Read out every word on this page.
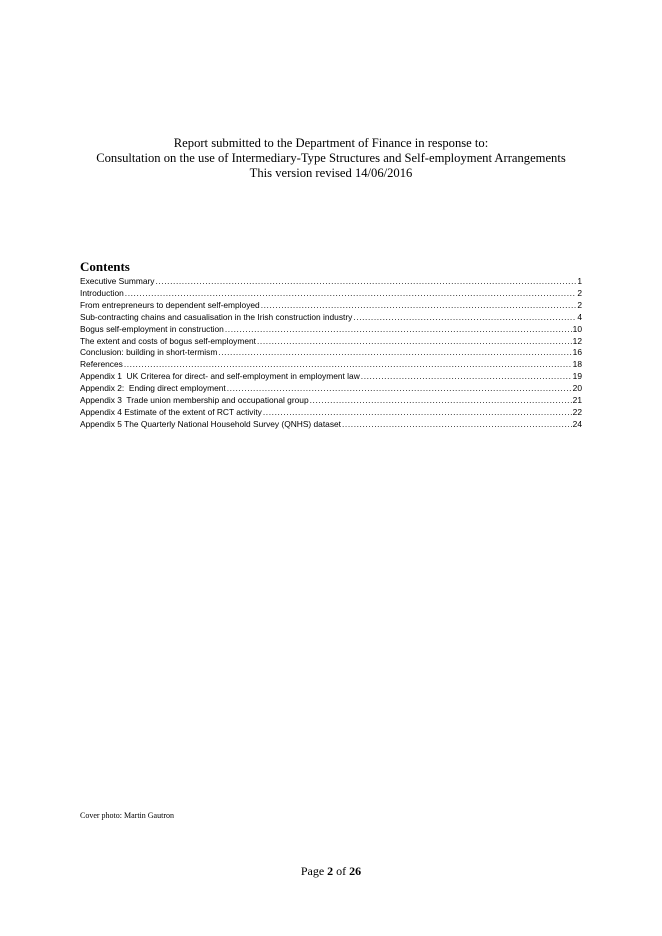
Report submitted to the Department of Finance in response to:
Consultation on the use of Intermediary-Type Structures and Self-employment Arrangements
This version revised 14/06/2016
Contents
Executive Summary .....	1
Introduction .....	2
From entrepreneurs to dependent self-employed .....	2
Sub-contracting chains and casualisation in the Irish construction industry .....	4
Bogus self-employment in construction .....	10
The extent and costs of bogus self-employment .....	12
Conclusion: building in short-termism .....	16
References .....	18
Appendix 1  UK Criterea for direct- and self-employment in employment law .....	19
Appendix 2:  Ending direct employment .....	20
Appendix 3  Trade union membership and occupational group .....	21
Appendix 4 Estimate of the extent of RCT activity .....	22
Appendix 5 The Quarterly National Household Survey (QNHS) dataset .....	24
Cover photo: Martin Gautron
Page 2 of 26
